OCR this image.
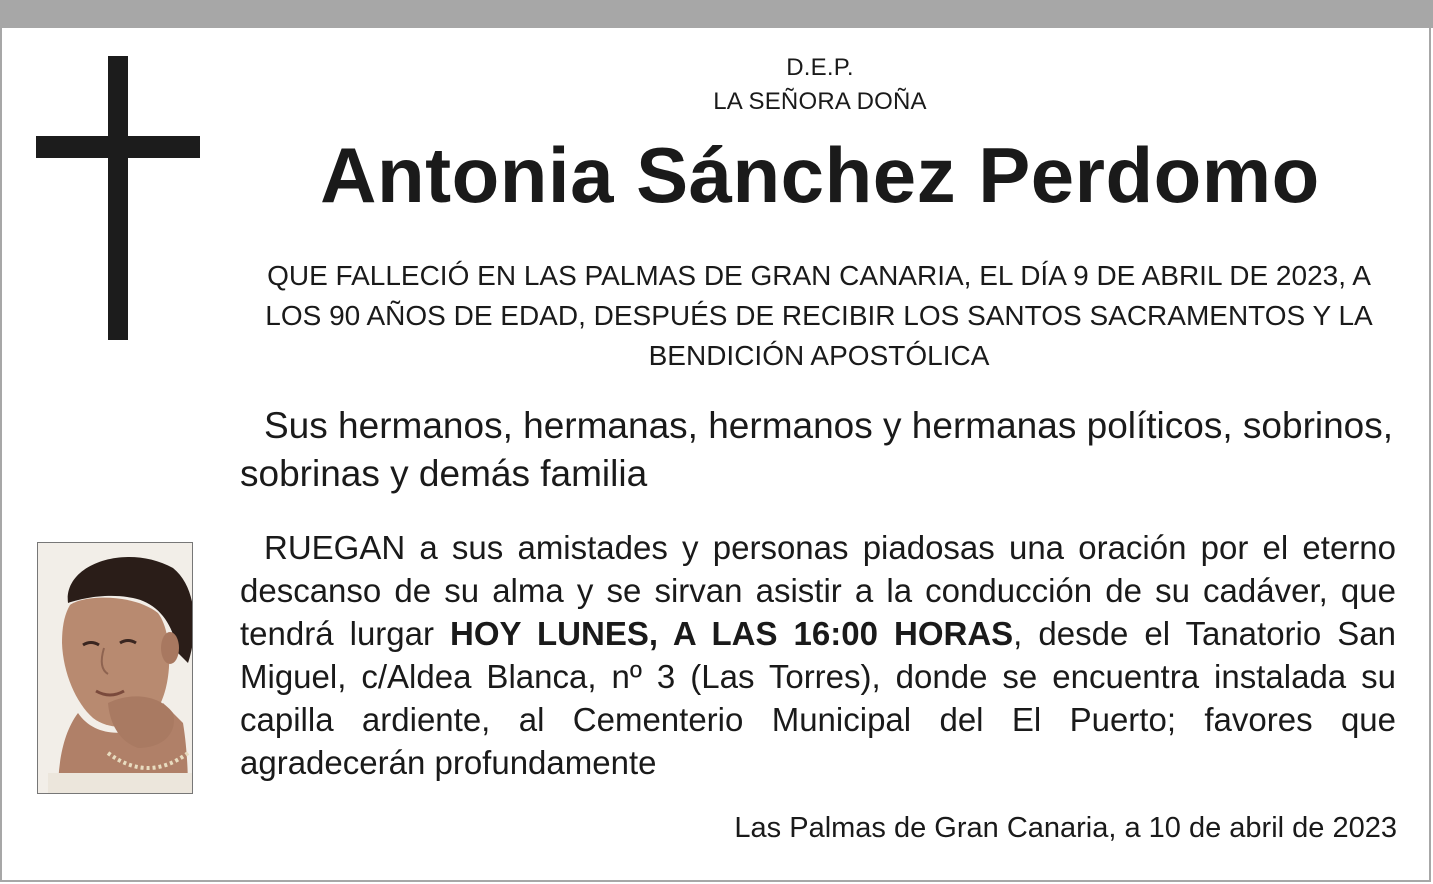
D.E.P.
LA SEÑORA DOÑA
Antonia Sánchez Perdomo
QUE FALLECIÓ EN LAS PALMAS DE GRAN CANARIA, EL DÍA 9 DE ABRIL DE 2023, A LOS 90 AÑOS DE EDAD, DESPUÉS DE RECIBIR LOS SANTOS SACRAMENTOS Y LA BENDICIÓN APOSTÓLICA
Sus hermanos, hermanas, hermanos y hermanas políticos, sobrinos, sobrinas y demás familia
RUEGAN a sus amistades y personas piadosas una oración por el eterno descanso de su alma y se sirvan asistir a la conducción de su cadáver, que tendrá lurgar HOY LUNES, A LAS 16:00 HORAS, desde el Tanatorio San Miguel, c/Aldea Blanca, nº 3 (Las Torres), donde se encuentra instalada su capilla ardiente, al Cementerio Municipal del El Puerto; favores que agradecerán profundamente
Las Palmas de Gran Canaria, a 10 de abril de 2023
